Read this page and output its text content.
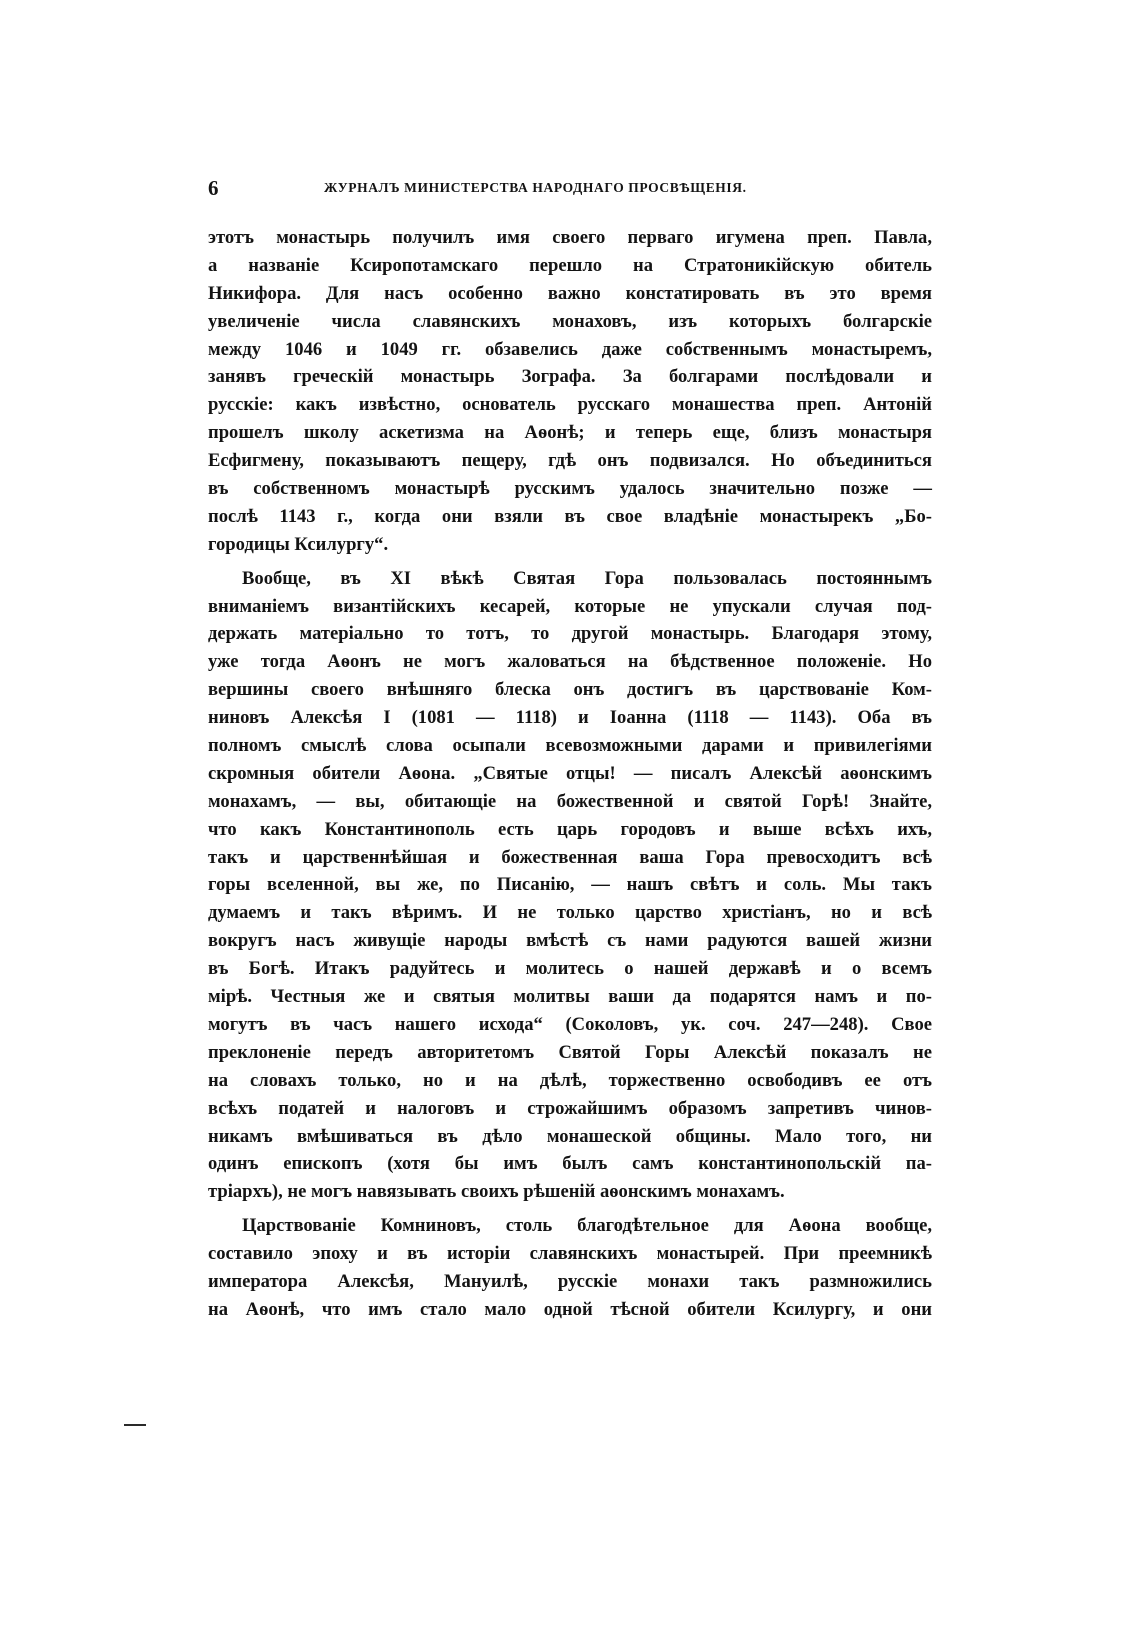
6	ЖУРНАЛЪ МИНИСТЕРСТВА НАРОДНАГО ПРОСВѢЩЕНІЯ.

этотъ монастырь получилъ имя своего перваго игумена преп. Павла,
а названіе Ксиропотамскаго перешло на Стратоникійскую обитель
Никифора. Для насъ особенно важно констатировать въ это время
увеличеніе числа славянскихъ монаховъ, изъ которыхъ болгарскіе
между 1046 и 1049 гг. обзавелись даже собственнымъ монастыремъ,
занявъ греческій монастырь Зографа. За болгарами послѣдовали и
русскіе: какъ извѣстно, основатель русскаго монашества преп. Антоній
прошелъ школу аскетизма на Аѳонѣ; и теперь еще, близъ монастыря
Есфигмену, показываютъ пещеру, гдѣ онъ подвизался. Но объединиться
въ собственномъ монастырѣ русскимъ удалось значительно позже —
послѣ 1143 г., когда они взяли въ свое владѣніе монастырекъ „Бо-
городицы Ксилургу“.

Вообще, въ XI вѣкѣ Святая Гора пользовалась постояннымъ
вниманіемъ византійскихъ кесарей, которые не упускали случая под-
держать матеріально то тотъ, то другой монастырь. Благодаря этому,
уже тогда Аѳонъ не могъ жаловаться на бѣдственное положеніе. Но
вершины своего внѣшняго блеска онъ достигъ въ царствованіе Ком-
ниновъ Алексѣя I (1081 — 1118) и Іоанна (1118 — 1143). Оба въ
полномъ смыслѣ слова осыпали всевозможными дарами и привилегіями
скромныя обители Аѳона. „Святые отцы! — писалъ Алексѣй аѳонскимъ
монахамъ, — вы, обитающіе на божественной и святой Горѣ! Знайте,
что какъ Константинополь есть царь городовъ и выше всѣхъ ихъ,
такъ и царственнѣйшая и божественная ваша Гора превосходитъ всѣ
горы вселенной, вы же, по Писанію, — нашъ свѣтъ и соль. Мы такъ
думаемъ и такъ вѣримъ. И не только царство христіанъ, но и всѣ
вокругъ насъ живущіе народы вмѣстѣ съ нами радуются вашей жизни
въ Богѣ. Итакъ радуйтесь и молитесь о нашей державѣ и о всемъ
мірѣ. Честныя же и святыя молитвы ваши да подарятся намъ и по-
могутъ въ часъ нашего исхода“ (Соколовъ, ук. соч. 247—248). Свое
преклоненіе передъ авторитетомъ Святой Горы Алексѣй показалъ не
на словахъ только, но и на дѣлѣ, торжественно освободивъ ее отъ
всѣхъ податей и налоговъ и строжайшимъ образомъ запретивъ чинов-
никамъ вмѣшиваться въ дѣло монашеской общины. Мало того, ни
одинъ епископъ (хотя бы имъ былъ самъ константинопольскій па-
тріархъ), не могъ навязывать своихъ рѣшеній аѳонскимъ монахамъ.

Царствованіе Комниновъ, столь благодѣтельное для Аѳона вообще,
составило эпоху и въ исторіи славянскихъ монастырей. При преемникѣ
императора Алексѣя, Мануилѣ, русскіе монахи такъ размножились
на Аѳонѣ, что имъ стало мало одной тѣсной обители Ксилургу, и они
